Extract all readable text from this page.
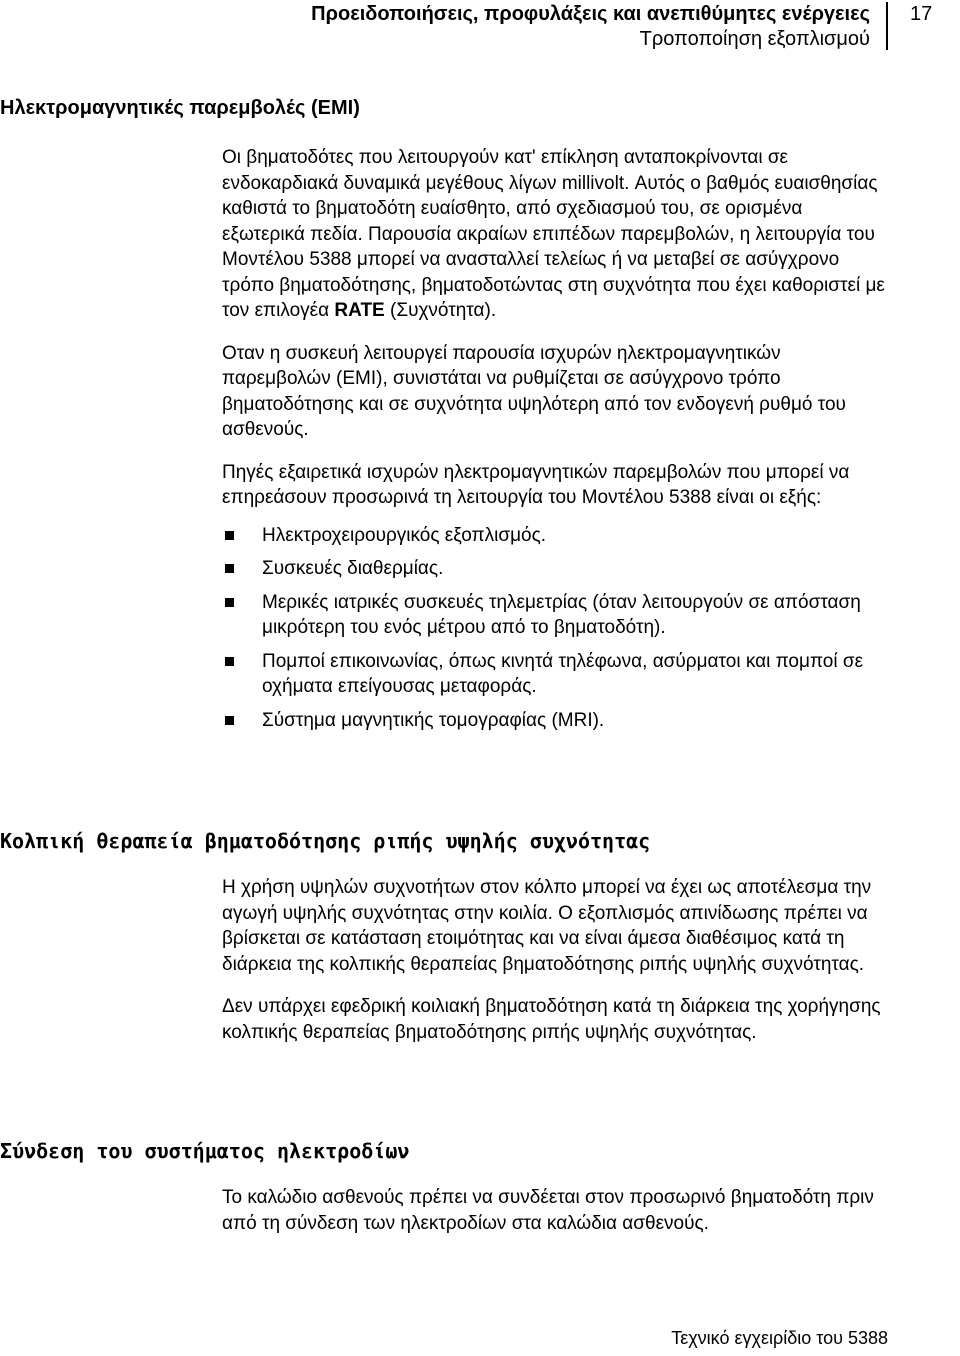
Προειδοποιήσεις, προφυλάξεις και ανεπιθύμητες ενέργειες
Τροποποίηση εξοπλισμού
17
Ηλεκτρομαγνητικές παρεμβολές (EMI)

Οι βηματοδότες που λειτουργούν κατ' επίκληση ανταποκρίνονται σε ενδοκαρδιακά δυναμικά μεγέθους λίγων millivolt. Αυτός ο βαθμός ευαισθησίας καθιστά το βηματοδότη ευαίσθητο, από σχεδιασμού του, σε ορισμένα εξωτερικά πεδία. Παρουσία ακραίων επιπέδων παρεμβολών, η λειτουργία του Μοντέλου 5388 μπορεί να ανασταλλεί τελείως ή να μεταβεί σε ασύγχρονο τρόπο βηματοδότησης, βηματοδοτώντας στη συχνότητα που έχει καθοριστεί με τον επιλογέα RATE (Συχνότητα).

Οταν η συσκευή λειτουργεί παρουσία ισχυρών ηλεκτρομαγνητικών παρεμβολών (EMI), συνιστάται να ρυθμίζεται σε ασύγχρονο τρόπο βηματοδότησης και σε συχνότητα υψηλότερη από τον ενδογενή ρυθμό του ασθενούς.

Πηγές εξαιρετικά ισχυρών ηλεκτρομαγνητικών παρεμβολών που μπορεί να επηρεάσουν προσωρινά τη λειτουργία του Μοντέλου 5388 είναι οι εξής:

Ηλεκτροχειρουργικός εξοπλισμός.
Συσκευές διαθερμίας.
Μερικές ιατρικές συσκευές τηλεμετρίας (όταν λειτουργούν σε απόσταση μικρότερη του ενός μέτρου από το βηματοδότη).
Πομποί επικοινωνίας, όπως κινητά τηλέφωνα, ασύρματοι και πομποί σε οχήματα επείγουσας μεταφοράς.
Σύστημα μαγνητικής τομογραφίας (MRI).
Κολπική θεραπεία βηματοδότησης ριπής υψηλής συχνότητας

Η χρήση υψηλών συχνοτήτων στον κόλπο μπορεί να έχει ως αποτέλεσμα την αγωγή υψηλής συχνότητας στην κοιλία. Ο εξοπλισμός απινίδωσης πρέπει να βρίσκεται σε κατάσταση ετοιμότητας και να είναι άμεσα διαθέσιμος κατά τη διάρκεια της κολπικής θεραπείας βηματοδότησης ριπής υψηλής συχνότητας.

Δεν υπάρχει εφεδρική κοιλιακή βηματοδότηση κατά τη διάρκεια της χορήγησης κολπικής θεραπείας βηματοδότησης ριπής υψηλής συχνότητας.

Σύνδεση του συστήματος ηλεκτροδίων

Το καλώδιο ασθενούς πρέπει να συνδέεται στον προσωρινό βηματοδότη πριν από τη σύνδεση των ηλεκτροδίων στα καλώδια ασθενούς.

Τεχνικό εγχειρίδιο του 5388
